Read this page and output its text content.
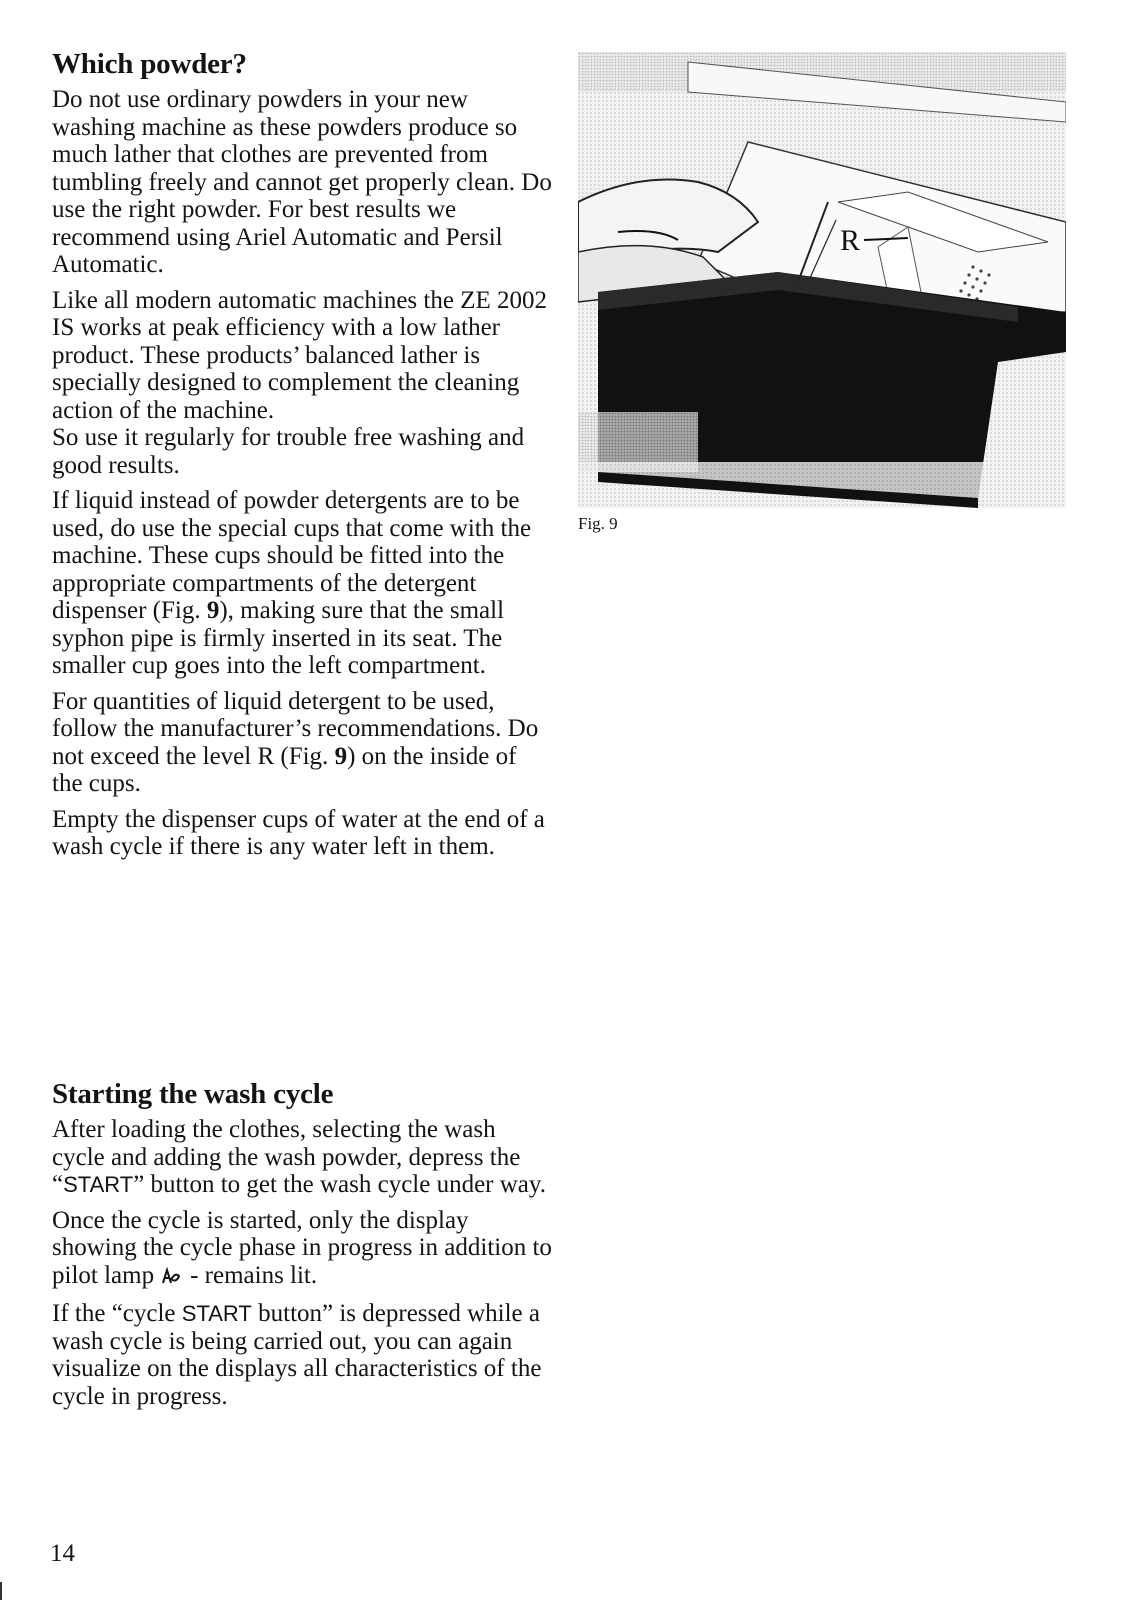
Which powder?

Do not use ordinary powders in your new washing machine as these powders produce so much lather that clothes are prevented from tumbling freely and cannot get properly clean. Do use the right powder. For best results we recommend using Ariel Automatic and Persil Automatic.

Like all modern automatic machines the ZE 2002 IS works at peak efficiency with a low lather product. These products’ balanced lather is specially designed to complement the cleaning action of the machine.

So use it regularly for trouble free washing and good results.

If liquid instead of powder detergents are to be used, do use the special cups that come with the machine. These cups should be fitted into the appropriate compartments of the detergent dispenser (Fig. 9), making sure that the small syphon pipe is firmly inserted in its seat. The smaller cup goes into the left compartment.

For quantities of liquid detergent to be used, follow the manufacturer’s recommendations. Do not exceed the level R (Fig. 9) on the inside of the cups.

Empty the dispenser cups of water at the end of a wash cycle if there is any water left in them.

R
Fig. 9
Starting the wash cycle

After loading the clothes, selecting the wash cycle and adding the wash powder, depress the “START” button to get the wash cycle under way.

Once the cycle is started, only the display showing the cycle phase in progress in addition to pilot lamp - remains lit.

If the “cycle START button” is depressed while a wash cycle is being carried out, you can again visualize on the displays all characteristics of the cycle in progress.

14
